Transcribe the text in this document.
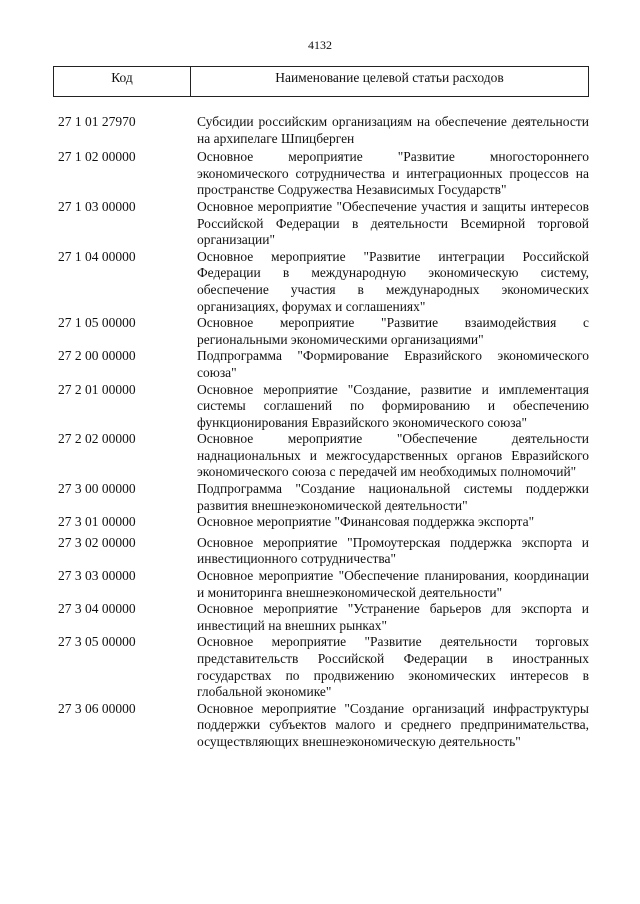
4132
Код	Наименование целевой статьи расходов
27 1 01 27970	Субсидии российским организациям на обеспечение деятельности на архипелаге Шпицберген
27 1 02 00000	Основное мероприятие "Развитие многостороннего экономического сотрудничества и интеграционных процессов на пространстве Содружества Независимых Государств"
27 1 03 00000	Основное мероприятие "Обеспечение участия и защиты интересов Российской Федерации в деятельности Всемирной торговой организации"
27 1 04 00000	Основное мероприятие "Развитие интеграции Российской Федерации в международную экономическую систему, обеспечение участия в международных экономических организациях, форумах и соглашениях"
27 1 05 00000	Основное мероприятие "Развитие взаимодействия с региональными экономическими организациями"
27 2 00 00000	Подпрограмма "Формирование Евразийского экономического союза"
27 2 01 00000	Основное мероприятие "Создание, развитие и имплементация системы соглашений по формированию и обеспечению функционирования Евразийского экономического союза"
27 2 02 00000	Основное мероприятие "Обеспечение деятельности наднациональных и межгосударственных органов Евразийского экономического союза с передачей им необходимых полномочий"
27 3 00 00000	Подпрограмма "Создание национальной системы поддержки развития внешнеэкономической деятельности"
27 3 01 00000	Основное мероприятие "Финансовая поддержка экспорта"
27 3 02 00000	Основное мероприятие "Промоутерская поддержка экспорта и инвестиционного сотрудничества"
27 3 03 00000	Основное мероприятие "Обеспечение планирования, координации и мониторинга внешнеэкономической деятельности"
27 3 04 00000	Основное мероприятие "Устранение барьеров для экспорта и инвестиций на внешних рынках"
27 3 05 00000	Основное мероприятие "Развитие деятельности торговых представительств Российской Федерации в иностранных государствах по продвижению экономических интересов в глобальной экономике"
27 3 06 00000	Основное мероприятие "Создание организаций инфраструктуры поддержки субъектов малого и среднего предпринимательства, осуществляющих внешнеэкономическую деятельность"
